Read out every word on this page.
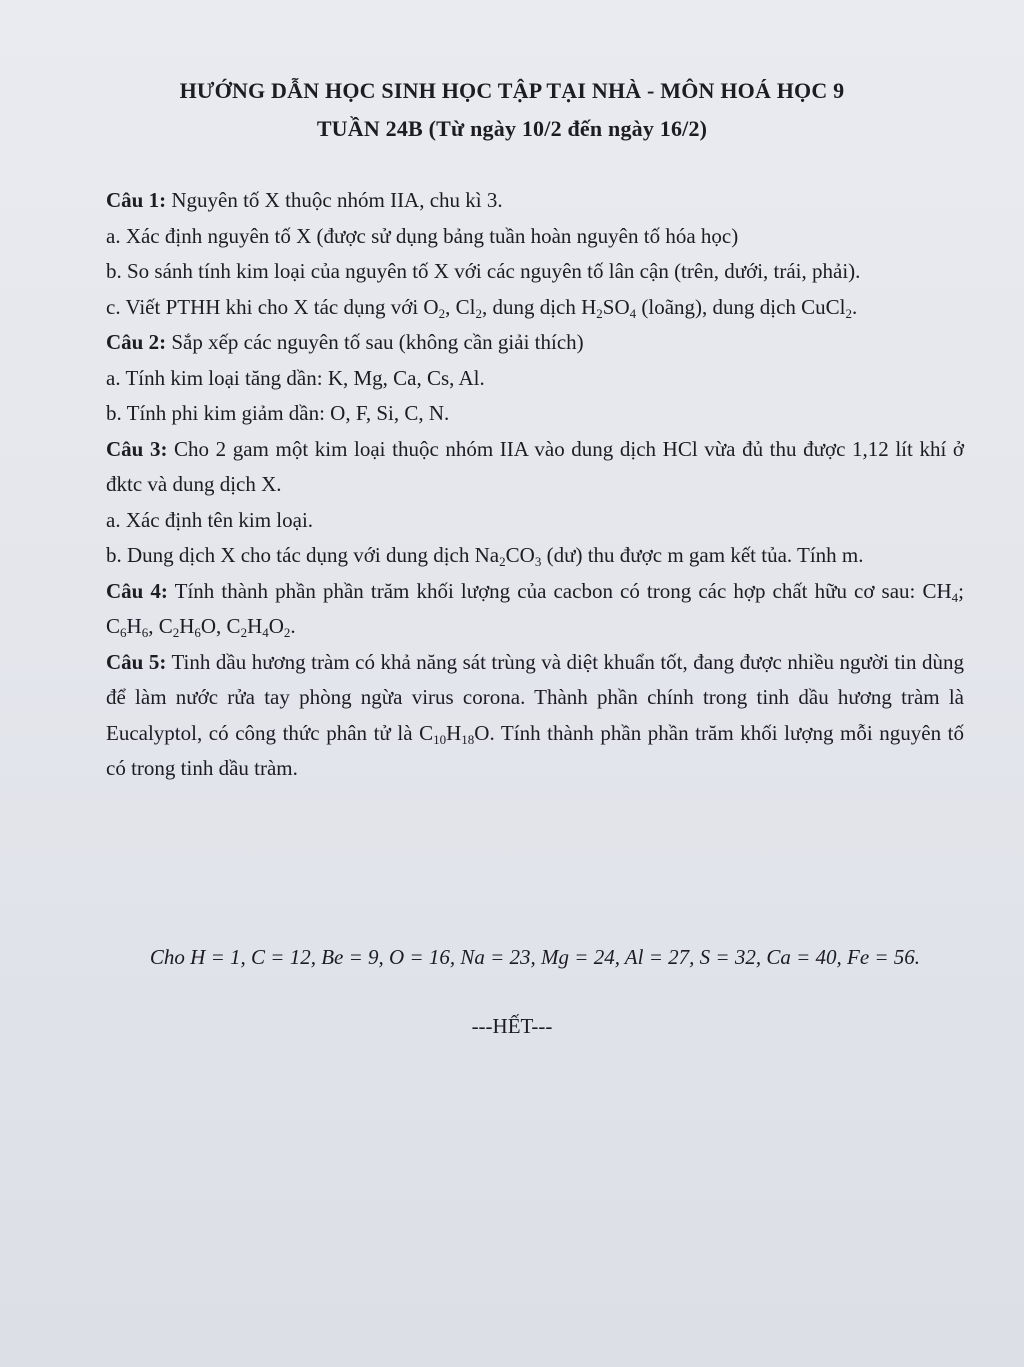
HƯỚNG DẪN HỌC SINH HỌC TẬP TẠI NHÀ - MÔN HOÁ HỌC 9
TUẦN 24B (Từ ngày 10/2 đến ngày 16/2)
Câu 1: Nguyên tố X thuộc nhóm IIA, chu kì 3.
a. Xác định nguyên tố X (được sử dụng bảng tuần hoàn nguyên tố hóa học)
b. So sánh tính kim loại của nguyên tố X với các nguyên tố lân cận (trên, dưới, trái, phải).
c. Viết PTHH khi cho X tác dụng với $O_2$, $Cl_2$, dung dịch $H_2SO_4$ (loãng), dung dịch CuCl$_2$.
Câu 2: Sắp xếp các nguyên tố sau (không cần giải thích)
a. Tính kim loại tăng dần: K, Mg, Ca, Cs, Al.
b. Tính phi kim giảm dần: O, F, Si, C, N.
Câu 3: Cho 2 gam một kim loại thuộc nhóm IIA vào dung dịch HCl vừa đủ thu được 1,12 lít khí ở đktc và dung dịch X.
a. Xác định tên kim loại.
b. Dung dịch X cho tác dụng với dung dịch $Na_2CO_3$ (dư) thu được m gam kết tủa. Tính m.
Câu 4: Tính thành phần phần trăm khối lượng của cacbon có trong các hợp chất hữu cơ sau: $CH_4$; $C_6H_6$, $C_2H_6O$, $C_2H_4O_2$.
Câu 5: Tinh dầu hương tràm có khả năng sát trùng và diệt khuẩn tốt, đang được nhiều người tin dùng để làm nước rửa tay phòng ngừa virus corona. Thành phần chính trong tinh dầu hương tràm là Eucalyptol, có công thức phân tử là $C_{10}H_{18}O$. Tính thành phần phần trăm khối lượng mỗi nguyên tố có trong tinh dầu tràm.
Cho H = 1, C = 12, Be = 9, O = 16, Na = 23, Mg = 24, Al = 27, S = 32, Ca = 40, Fe = 56.
---HẾT---
